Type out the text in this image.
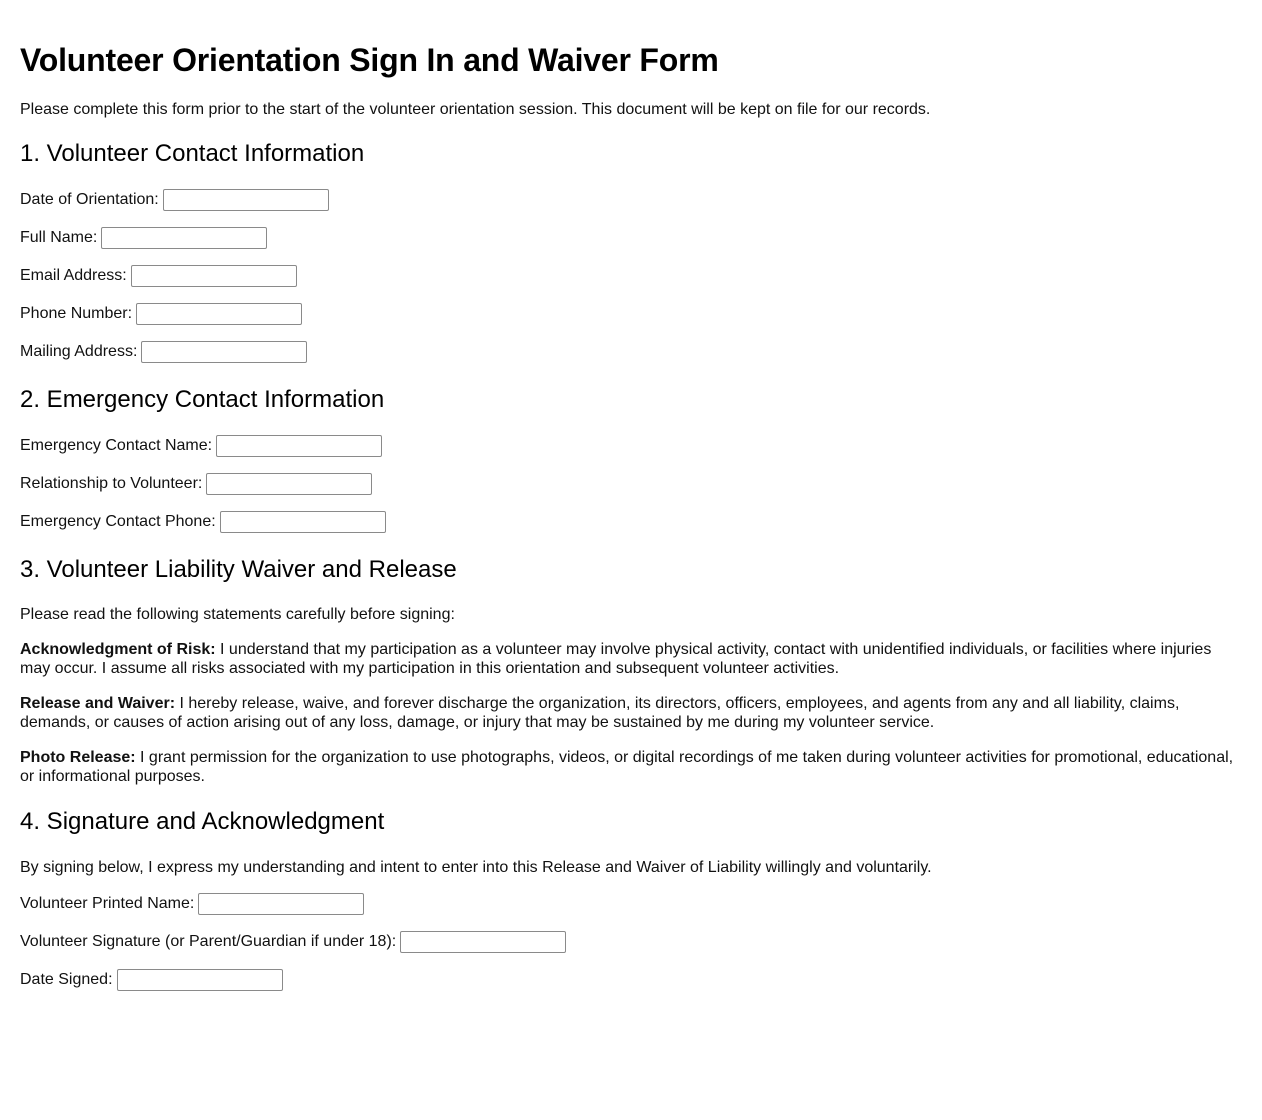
Volunteer Orientation Sign In and Waiver Form

Please complete this form prior to the start of the volunteer orientation session. This document will be kept on file for our records.

1. Volunteer Contact Information
Date of Orientation:
Full Name:
Email Address:
Phone Number:
Mailing Address:
2. Emergency Contact Information
Emergency Contact Name:
Relationship to Volunteer:
Emergency Contact Phone:
3. Volunteer Liability Waiver and Release

Please read the following statements carefully before signing:

Acknowledgment of Risk: I understand that my participation as a volunteer may involve physical activity, contact with unidentified individuals, or facilities where injuries may occur. I assume all risks associated with my participation in this orientation and subsequent volunteer activities.

Release and Waiver: I hereby release, waive, and forever discharge the organization, its directors, officers, employees, and agents from any and all liability, claims, demands, or causes of action arising out of any loss, damage, or injury that may be sustained by me during my volunteer service.

Photo Release: I grant permission for the organization to use photographs, videos, or digital recordings of me taken during volunteer activities for promotional, educational, or informational purposes.

4. Signature and Acknowledgment

By signing below, I express my understanding and intent to enter into this Release and Waiver of Liability willingly and voluntarily.

Volunteer Printed Name:
Volunteer Signature (or Parent/Guardian if under 18):
Date Signed:
